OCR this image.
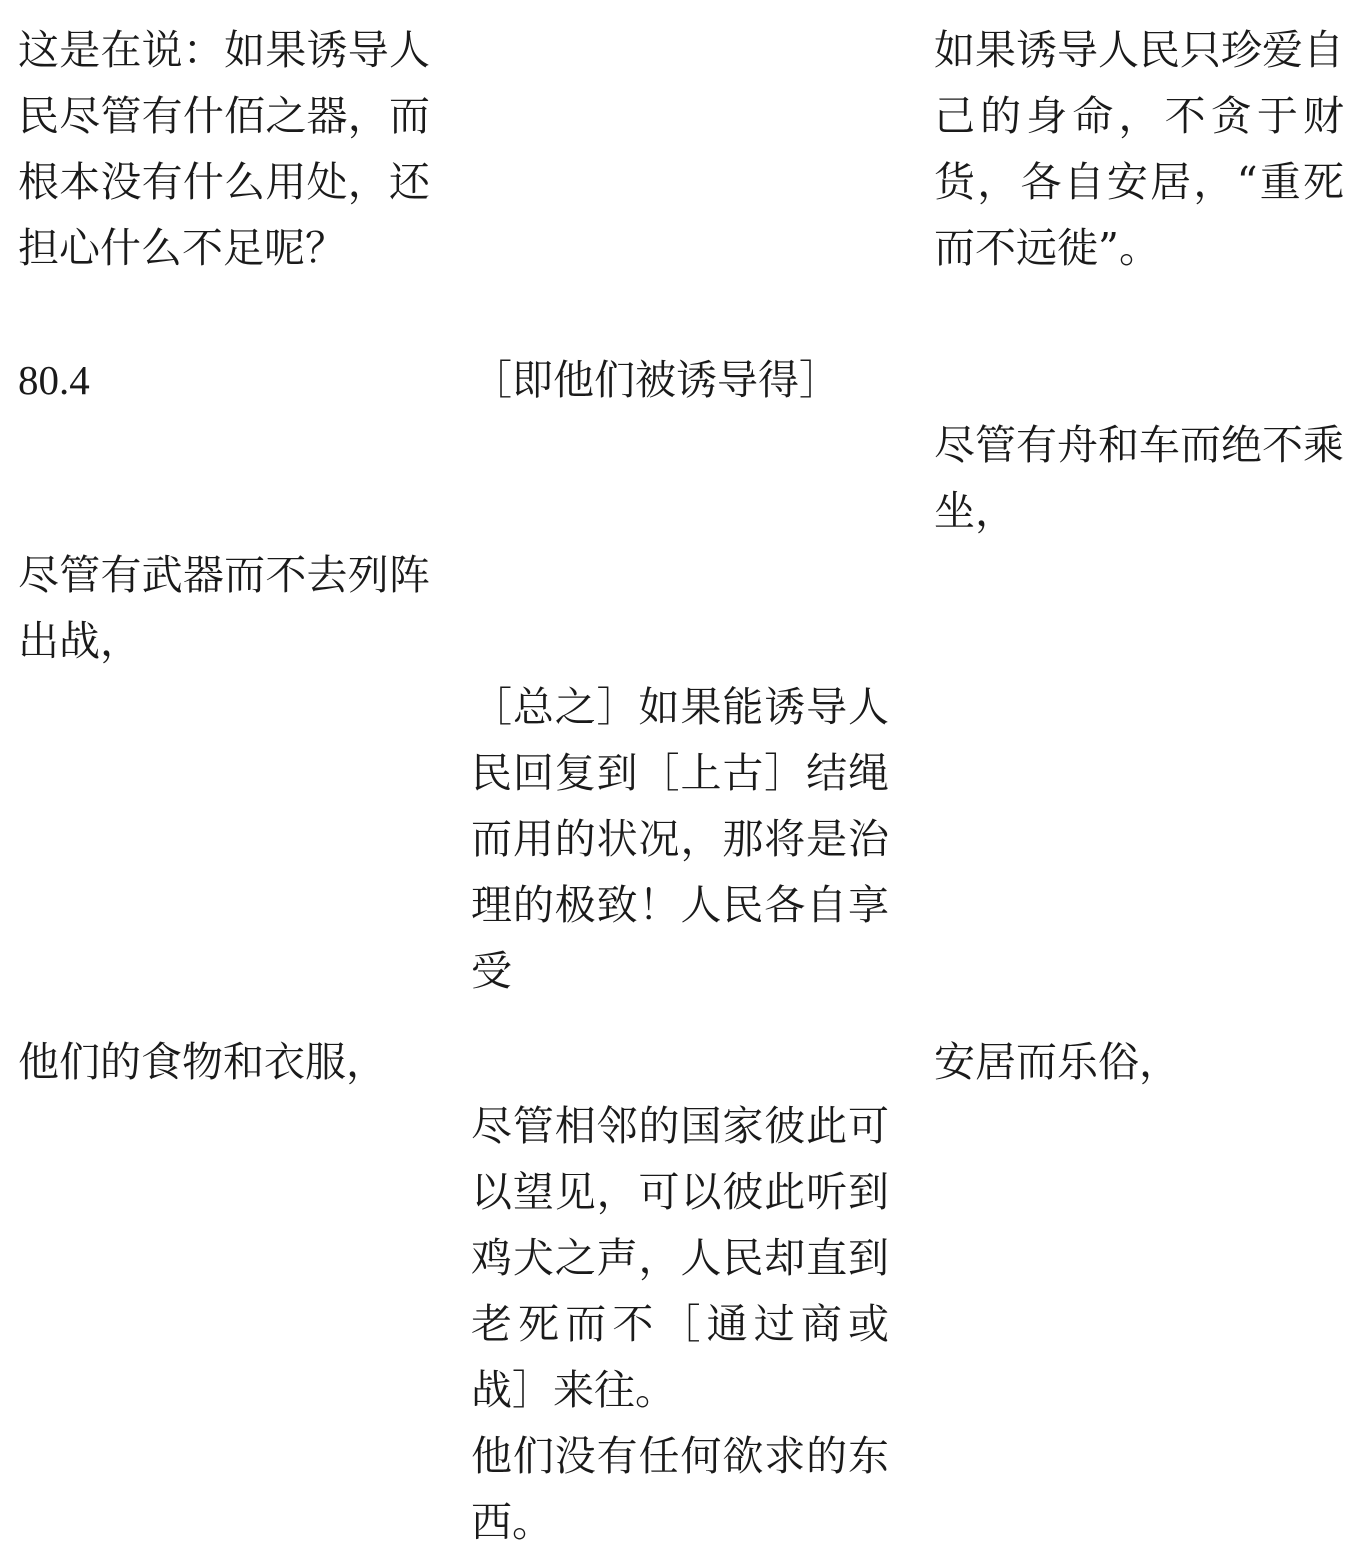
这是在说：如果诱导人民尽管有什佰之器，而根本没有什么用处，还担心什么不足呢？

80.4

尽管有武器而不去列阵出战，

他们的食物和衣服，

［即他们被诱导得］

［总之］如果能诱导人民回复到［上古］结绳而用的状况，那将是治理的极致！人民各自享受

尽管相邻的国家彼此可以望见，可以彼此听到鸡犬之声，人民却直到老死而不［通过商或战］来往。

他们没有任何欲求的东西。

如果诱导人民只珍爱自己的身命，不贪于财货，各自安居，“重死而不远徙”。

尽管有舟和车而绝不乘坐，

安居而乐俗，
